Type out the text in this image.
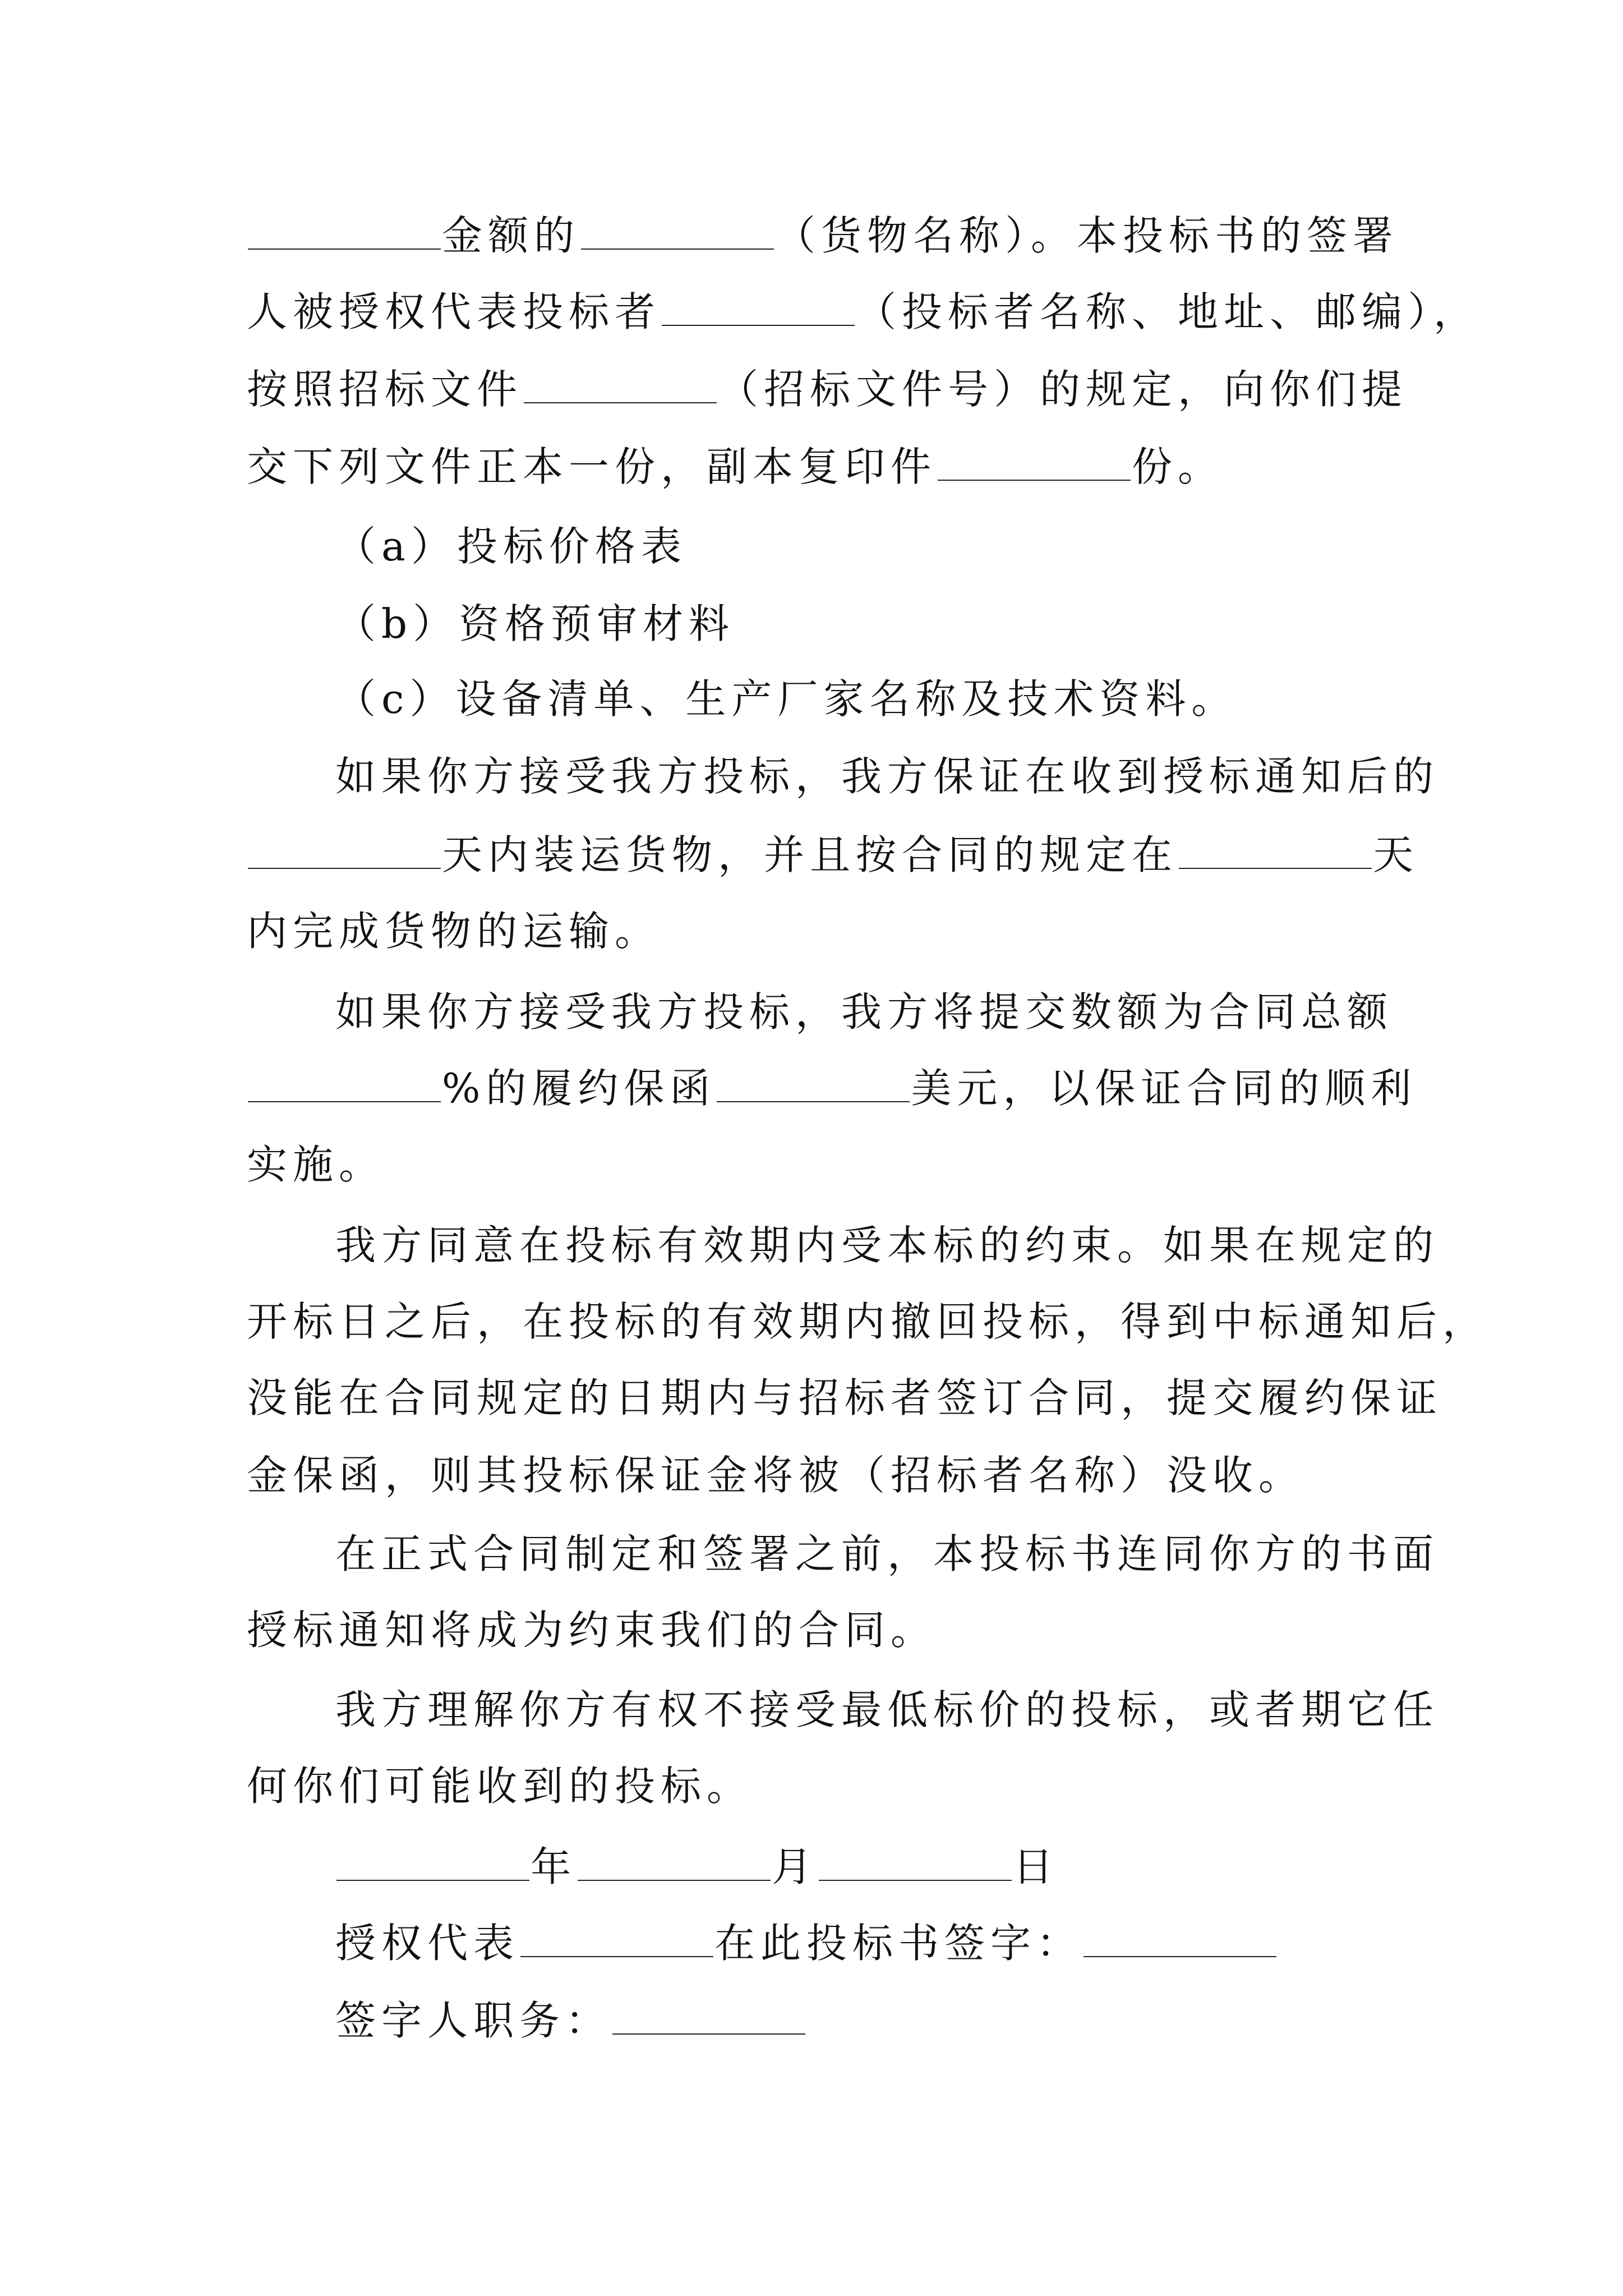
金额的	（货物名称）。本投标书的签署
人被授权代表投标者	（投标者名称、地址、邮编），
按照招标文件	（招标文件号）的规定，向你们提
交下列文件正本一份，副本复印件	份。
（a）投标价格表
（b）资格预审材料
（c）设备清单、生产厂家名称及技术资料。
如果你方接受我方投标，我方保证在收到授标通知后的
天内装运货物，并且按合同的规定在	天
内完成货物的运输。
如果你方接受我方投标，我方将提交数额为合同总额
%的履约保函	美元，以保证合同的顺利
实施。
我方同意在投标有效期内受本标的约束。如果在规定的
开标日之后，在投标的有效期内撤回投标，得到中标通知后，
没能在合同规定的日期内与招标者签订合同，提交履约保证
金保函，则其投标保证金将被（招标者名称）没收。
在正式合同制定和签署之前，本投标书连同你方的书面
授标通知将成为约束我们的合同。
我方理解你方有权不接受最低标价的投标，或者期它任
何你们可能收到的投标。
年	月	日
授权代表	在此投标书签字：
签字人职务：
